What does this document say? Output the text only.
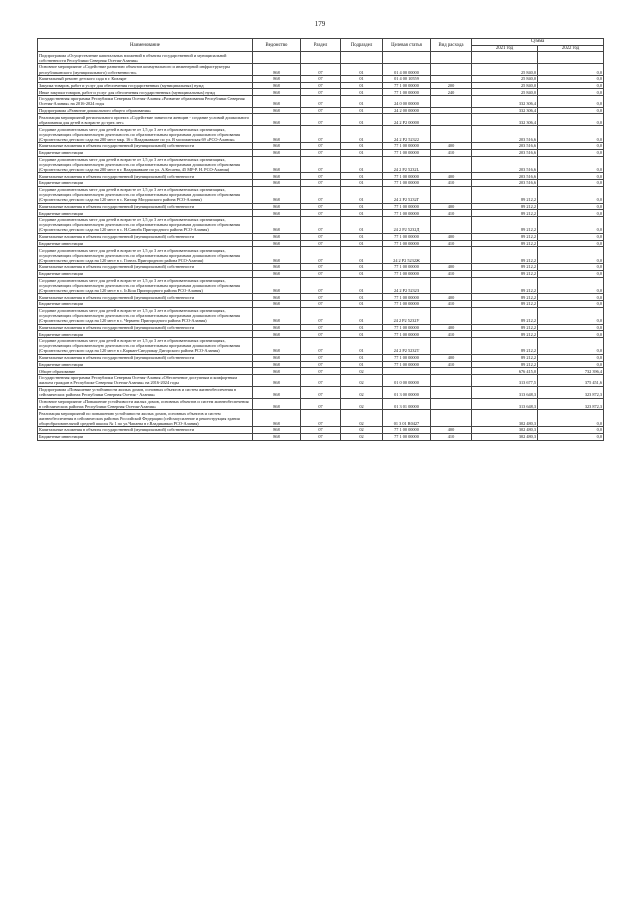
179
Наименование	Ведомство	Раздел	Подраздел	Целевая статья	Вид расхода	Сумма	
						2021 год	2022 год
Подпрограмма «Осуществление капитальных вложений в объекты государственной и муниципальной собственности Республики Северная Осетия-Алания»							
Основное мероприятие «Содействие развитию объектов коммунального и инженерной инфраструктуры республиканского (муниципального) собственности»	868	07	01	01 4 00 00000		25 840,0	0,0
Капитальный ремонт детского сада в г. Кизляре	868	07	01	01 4 00 10559		25 840,0	0,0
Закупка товаров, работ и услуг для обеспечения государственных (муниципальных) нужд	868	07	01	77 1 00 00000	200	25 840,0	0,0
Иные закупки товаров, работ и услуг для обеспечения государственных (муниципальных) нужд	868	07	01	77 1 00 00000	240	25 840,0	0,0
Государственная программа Республики Северная Осетия-Алания «Развитие образования Республики Северная Осетия-Алания» на 2016-2024 годы	868	07	01	24 0 00 00000		332 306,4	0,0
Подпрограмма «Развитие дошкольного общего образования»	868	07	01	24 2 00 00000		332 306,4	0,0
Реализация мероприятий регионального проекта «Содействие занятости женщин - создание условий дошкольного образования для детей в возрасте до трех лет»	868	07	01	24 2 P2 00000		332 306,4	0,0
Создание дополнительных мест для детей в возрасте от 1,5 до 3 лет в образовательных организациях, осуществляющих образовательную деятельность по образовательным программам дошкольного образования (Строительство детского сада на 280 мест мкр. 16 с Владикавказе по ул. В моложинская 69 «РСО-Алания»	868	07	01	24 2 P2 52322		203 516,6	0,0
Капитальные вложения в объекты государственной (муниципальной) собственности	868	07	01	77 1 00 00000	400	203 516,6	0,0
Бюджетные инвестиции	868	07	01	77 1 00 00000	410	203 516,6	0,0
Создание дополнительных мест для детей в возрасте от 1,5 до 3 лет в образовательных организациях, осуществляющих образовательную деятельность по образовательным программам дошкольного образования (Строительство детского сада на 280 мест в г. Владикавказе по ул. А.Кесаева, 45 МР-Р. Н. РСО-Алания)	868	07	01	24 2 P2 5232L		203 516,6	0,0
Капитальные вложения в объекты государственной (муниципальной) собственности	868	07	01	77 1 00 00000	400	203 516,6	0,0
Бюджетные инвестиции	868	07	01	77 1 00 00000	410	203 516,6	0,0
Создание дополнительных мест для детей в возрасте от 1,5 до 3 лет в образовательных организациях, осуществляющих образовательную деятельность по образовательным программам дошкольного образования (Строительство детского сада на 120 мест в с. Кизляр Моздокского района РСО-Алания)	868	07	01	24 2 P2 5232Г		89 212,2	0,0
Капитальные вложения в объекты государственной (муниципальной) собственности	868	07	01	77 1 00 00000	400	89 212,2	0,0
Бюджетные инвестиции	868	07	01	77 1 00 00000	410	89 212,2	0,0
Создание дополнительных мест для детей в возрасте от 1,5 до 3 лет в образовательных организациях, осуществляющих образовательную деятельность по образовательным программам дошкольного образования (Строительство детского сада на 120 мест в с. Н.Саниба Пригородного района РСО-Алания)	868	07	01	24 2 P2 5232Д		89 212,2	0,0
Капитальные вложения в объекты государственной (муниципальной) собственности	868	07	01	77 1 00 00000	400	89 212,2	0,0
Бюджетные инвестиции	868	07	01	77 1 00 00000	410	89 212,2	0,0
Создание дополнительных мест для детей в возрасте от 1,5 до 3 лет в образовательных организациях, осуществляющих образовательную деятельность по образовательным программам дошкольного образования (Строительство детского сада на 120 мест в с. Гизель Пригородного района РСО-Алания)	868	07	01	24 2 P2 5232Ж		89 212,2	0,0
Капитальные вложения в объекты государственной (муниципальной) собственности	868	07	01	77 1 00 00000	400	89 212,2	0,0
Бюджетные инвестиции	868	07	01	77 1 00 00000	410	89 212,2	0,0
Создание дополнительных мест для детей в возрасте от 1,5 до 3 лет в образовательных организациях, осуществляющих образовательную деятельность по образовательным программам дошкольного образования (Строительство детского сада на 120 мест в с. Ir.Кош Пригородного района РСО-Алания)	868	07	01	24 2 P2 5232З		89 212,2	0,0
Капитальные вложения в объекты государственной (муниципальной) собственности	868	07	01	77 1 00 00000	400	89 212,2	0,0
Бюджетные инвестиции	868	07	01	77 1 00 00000	410	89 212,2	0,0
Создание дополнительных мест для детей в возрасте от 1,5 до 3 лет в образовательных организациях, осуществляющих образовательную деятельность по образовательным программам дошкольного образования (Строительство детского сада на 120 мест в с. Черменс Пригородного района РСО-Алания)	868	07	01	24 2 P2 5232У		89 212,2	0,0
Капитальные вложения в объекты государственной (муниципальной) собственности	868	07	01	77 1 00 00000	400	89 212,2	0,0
Бюджетные инвестиции	868	07	01	77 1 00 00000	410	89 212,2	0,0
Создание дополнительных мест для детей в возрасте от 1,5 до 3 лет в образовательных организациях, осуществляющих образовательную деятельность по образовательным программам дошкольного образования (Строительство детского сада на 120 мест в с.Карман-Синдзикау Дигорского района РСО-Алания)	868	07	01	24 2 P2 5232Т		89 212,2	0,0
Капитальные вложения в объекты государственной (муниципальной) собственности	868	07	01	77 1 00 00000	400	89 212,2	0,0
Бюджетные инвестиции	868	07	01	77 1 00 00000	410	89 212,2	0,0
Общее образование	868	07	02			676 415,0	732 396,4
Государственная программа Республики Северная Осетия-Алания «Обеспечение доступным и комфортным жильем граждан в Республике Северная Осетия-Алания» на 2016-2024 годы	868	07	02	01 0 00 00000		313 677,5	375 451,6
Подпрограмма «Повышение устойчивости жилых домов, основных объектов и систем жизнеобеспечения в сейсмических районах Республики Северная Осетия - Алания»	868	07	02	01 3 00 00000		313 648,3	323 872,3
Основное мероприятие «Повышение устойчивости жилых домов, основных объектов и систем жизнеобеспечения в сейсмических районах Республики Северная Осетия-Алания»	868	07	02	01 3 01 00000		313 648,3	323 872,3
Реализация мероприятий по повышению устойчивости жилых домов, основных объектов и систем жизнеобеспечения в сейсмических районах Российской Федерации (сейсмоусиление и реконструкция здания общеобразовательной средней школы № 1 по ул.Чапаева в г.Владикавказ РСО-Алания)	868	07	02	01 3 01 R0427		302 480,3	0,0
Капитальные вложения в объекты государственной (муниципальной) собственности	868	07	02	77 1 00 00000	400	302 480,3	0,0
Бюджетные инвестиции	868	07	02	77 1 00 00000	410	302 480,3	0,0
